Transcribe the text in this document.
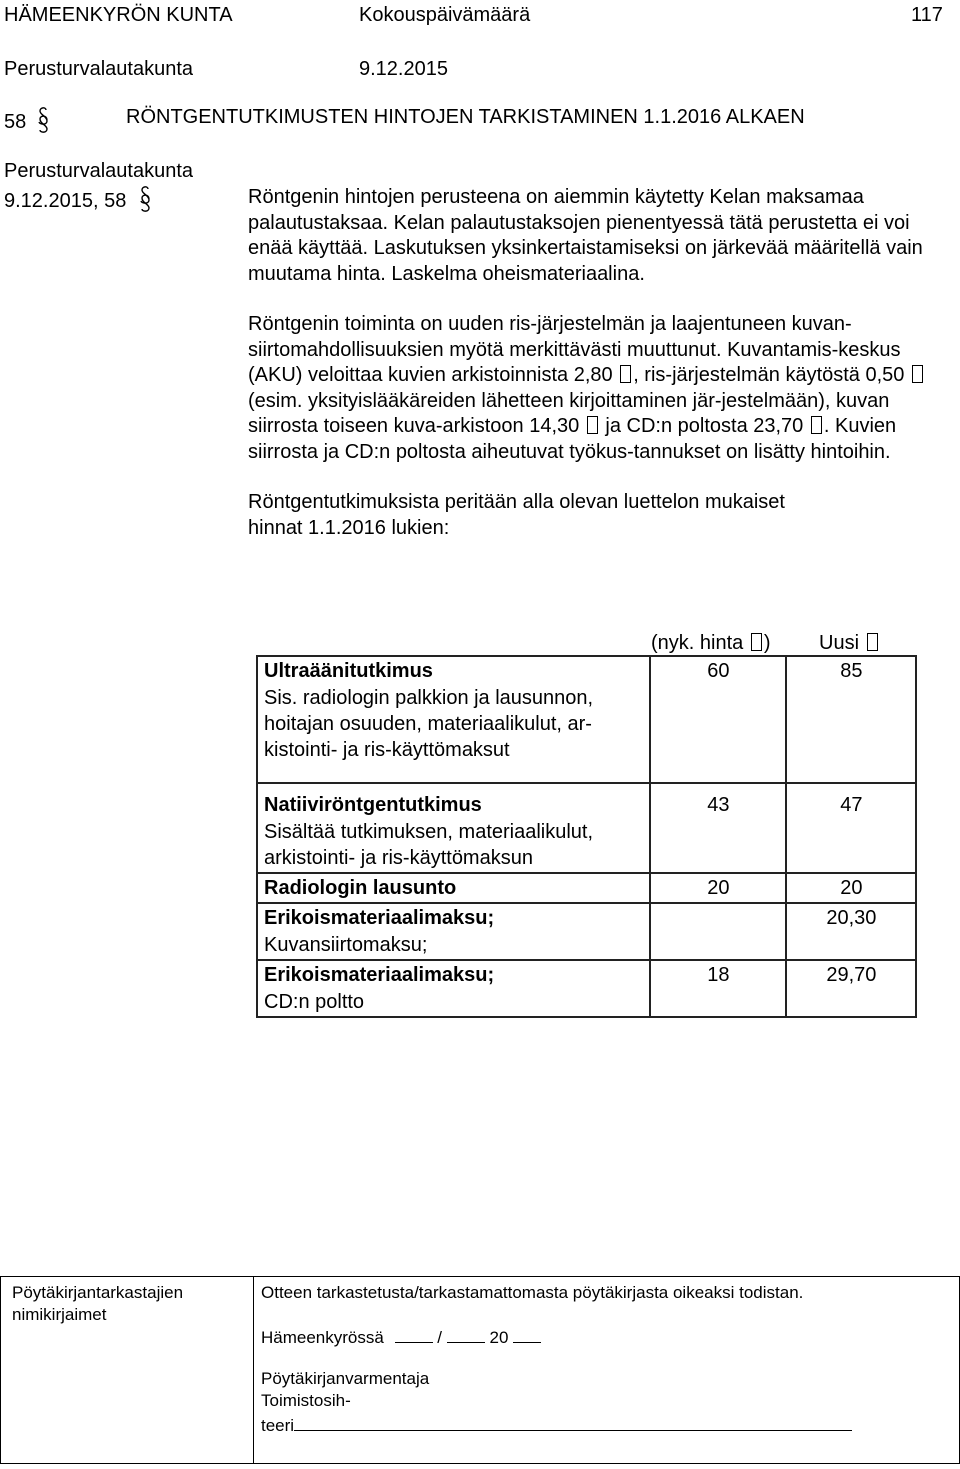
HÄMEENKYRÖN KUNTA	Kokouspäivämäärä	117
Perusturvalautakunta	9.12.2015
58	RÖNTGENTUTKIMUSTEN HINTOJEN TARKISTAMINEN 1.1.2016 ALKAEN
Perusturvalautakunta
9.12.2015, 58	Röntgenin hintojen perusteena on aiemmin käytetty Kelan maksamaa palautustaksaa. Kelan palautustaksojen pienentyessä tätä perustetta ei voi enää käyttää. Laskutuksen yksinkertaistamiseksi on järkevää määritellä vain muutama hinta. Laskelma oheismateriaalina.

Röntgenin toiminta on uuden ris-järjestelmän ja laajentuneen kuvan-siirtomahdollisuuksien myötä merkittävästi muuttunut. Kuvantamis-keskus (AKU) veloittaa kuvien arkistoinnista 2,80 , ris-järjestelmän käytöstä 0,50  (esim. yksityislääkäreiden lähetteen kirjoittaminen jär-jestelmään), kuvan siirrosta toiseen kuva-arkistoon 14,30 ja CD:n poltosta 23,70 . Kuvien siirrosta ja CD:n poltosta aiheutuvat työkus-tannukset on lisätty hintoihin.

Röntgentutkimuksista peritään alla olevan luettelon mukaiset hinnat 1.1.2016 lukien:

(nyk. hinta ) Uusi
Ultraäänitutkimus
Sis. radiologin palkkion ja lausunnon, hoitajan osuuden, materiaalikulut, ar-kistointi- ja ris-käyttömaksut	60	85

Natiiviröntgentutkimus
Sisältää tutkimuksen, materiaalikulut, arkistointi- ja ris-käyttömaksun	43	47
Radiologin lausunto	20	20

Erikoismateriaalimaksu;
Kuvansiirtomaksu;		20,30

Erikoismateriaalimaksu;
CD:n poltto	18	29,70
Pöytäkirjantarkastajien
nimikirjaimet
Otteen tarkastetusta/tarkastamattomasta pöytäkirjasta oikeaksi todistan.
Hämeenkyrössä	/	20
Pöytäkirjanvarmentaja
Toimistosih-
teeri
